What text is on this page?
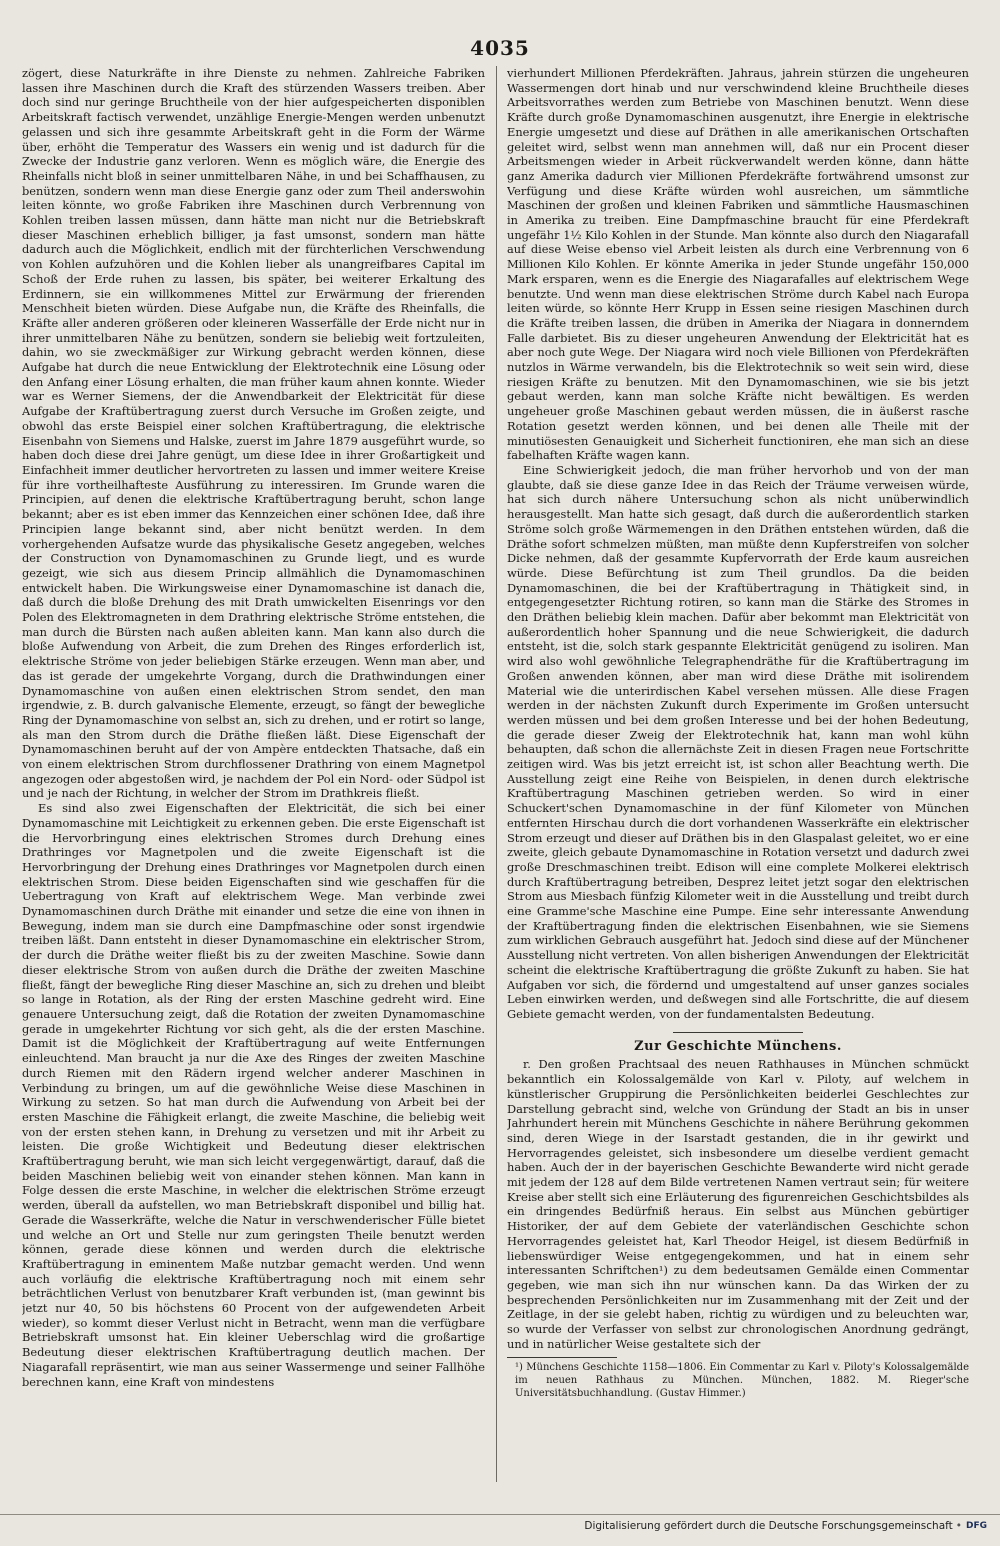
4035

zögert, diese Naturkräfte in ihre Dienste zu nehmen. Zahlreiche Fabriken lassen ihre Maschinen durch die Kraft des stürzenden Wassers treiben. Aber doch sind nur geringe Bruchtheile von der hier aufgespeicherten disponiblen Arbeitskraft factisch verwendet, unzählige Energie-Mengen werden unbenutzt gelassen und sich ihre gesammte Arbeitskraft geht in die Form der Wärme über, erhöht die Temperatur des Wassers ein wenig und ist dadurch für die Zwecke der Industrie ganz verloren. Wenn es möglich wäre, die Energie des Rheinfalls nicht bloß in seiner unmittelbaren Nähe, in und bei Schaffhausen, zu benützen, sondern wenn man diese Energie ganz oder zum Theil anderswohin leiten könnte, wo große Fabriken ihre Maschinen durch Verbrennung von Kohlen treiben lassen müssen, dann hätte man nicht nur die Betriebskraft dieser Maschinen erheblich billiger, ja fast umsonst, sondern man hätte dadurch auch die Möglichkeit, endlich mit der fürchterlichen Verschwendung von Kohlen aufzuhören und die Kohlen lieber als unangreifbares Capital im Schoß der Erde ruhen zu lassen, bis später, bei weiterer Erkaltung des Erdinnern, sie ein willkommenes Mittel zur Erwärmung der frierenden Menschheit bieten würden. Diese Aufgabe nun, die Kräfte des Rheinfalls, die Kräfte aller anderen größeren oder kleineren Wasserfälle der Erde nicht nur in ihrer unmittelbaren Nähe zu benützen, sondern sie beliebig weit fortzuleiten, dahin, wo sie zweckmäßiger zur Wirkung gebracht werden können, diese Aufgabe hat durch die neue Entwicklung der Elektrotechnik eine Lösung oder den Anfang einer Lösung erhalten, die man früher kaum ahnen konnte. Wieder war es Werner Siemens, der die Anwendbarkeit der Elektricität für diese Aufgabe der Kraftübertragung zuerst durch Versuche im Großen zeigte, und obwohl das erste Beispiel einer solchen Kraftübertragung, die elektrische Eisenbahn von Siemens und Halske, zuerst im Jahre 1879 ausgeführt wurde, so haben doch diese drei Jahre genügt, um diese Idee in ihrer Großartigkeit und Einfachheit immer deutlicher hervortreten zu lassen und immer weitere Kreise für ihre vortheilhafteste Ausführung zu interessiren. Im Grunde waren die Principien, auf denen die elektrische Kraftübertragung beruht, schon lange bekannt; aber es ist eben immer das Kennzeichen einer schönen Idee, daß ihre Principien lange bekannt sind, aber nicht benützt werden. In dem vorhergehenden Aufsatze wurde das physikalische Gesetz angegeben, welches der Construction von Dynamomaschinen zu Grunde liegt, und es wurde gezeigt, wie sich aus diesem Princip allmählich die Dynamomaschinen entwickelt haben. Die Wirkungsweise einer Dynamomaschine ist danach die, daß durch die bloße Drehung des mit Drath umwickelten Eisenrings vor den Polen des Elektromagneten in dem Drathring elektrische Ströme entstehen, die man durch die Bürsten nach außen ableiten kann. Man kann also durch die bloße Aufwendung von Arbeit, die zum Drehen des Ringes erforderlich ist, elektrische Ströme von jeder beliebigen Stärke erzeugen. Wenn man aber, und das ist gerade der umgekehrte Vorgang, durch die Drathwindungen einer Dynamomaschine von außen einen elektrischen Strom sendet, den man irgendwie, z. B. durch galvanische Elemente, erzeugt, so fängt der bewegliche Ring der Dynamomaschine von selbst an, sich zu drehen, und er rotirt so lange, als man den Strom durch die Dräthe fließen läßt. Diese Eigenschaft der Dynamomaschinen beruht auf der von Ampère entdeckten Thatsache, daß ein von einem elektrischen Strom durchflossener Drathring von einem Magnetpol angezogen oder abgestoßen wird, je nachdem der Pol ein Nord- oder Südpol ist und je nach der Richtung, in welcher der Strom im Drathkreis fließt.

Es sind also zwei Eigenschaften der Elektricität, die sich bei einer Dynamomaschine mit Leichtigkeit zu erkennen geben. Die erste Eigenschaft ist die Hervorbringung eines elektrischen Stromes durch Drehung eines Drathringes vor Magnetpolen und die zweite Eigenschaft ist die Hervorbringung der Drehung eines Drathringes vor Magnetpolen durch einen elektrischen Strom. Diese beiden Eigenschaften sind wie geschaffen für die Uebertragung von Kraft auf elektrischem Wege. Man verbinde zwei Dynamomaschinen durch Dräthe mit einander und setze die eine von ihnen in Bewegung, indem man sie durch eine Dampfmaschine oder sonst irgendwie treiben läßt. Dann entsteht in dieser Dynamomaschine ein elektrischer Strom, der durch die Dräthe weiter fließt bis zu der zweiten Maschine. Sowie dann dieser elektrische Strom von außen durch die Dräthe der zweiten Maschine fließt, fängt der bewegliche Ring dieser Maschine an, sich zu drehen und bleibt so lange in Rotation, als der Ring der ersten Maschine gedreht wird. Eine genauere Untersuchung zeigt, daß die Rotation der zweiten Dynamomaschine gerade in umgekehrter Richtung vor sich geht, als die der ersten Maschine. Damit ist die Möglichkeit der Kraftübertragung auf weite Entfernungen einleuchtend. Man braucht ja nur die Axe des Ringes der zweiten Maschine durch Riemen mit den Rädern irgend welcher anderer Maschinen in Verbindung zu bringen, um auf die gewöhnliche Weise diese Maschinen in Wirkung zu setzen. So hat man durch die Aufwendung von Arbeit bei der ersten Maschine die Fähigkeit erlangt, die zweite Maschine, die beliebig weit von der ersten stehen kann, in Drehung zu versetzen und mit ihr Arbeit zu leisten. Die große Wichtigkeit und Bedeutung dieser elektrischen Kraftübertragung beruht, wie man sich leicht vergegenwärtigt, darauf, daß die beiden Maschinen beliebig weit von einander stehen können. Man kann in Folge dessen die erste Maschine, in welcher die elektrischen Ströme erzeugt werden, überall da aufstellen, wo man Betriebskraft disponibel und billig hat. Gerade die Wasserkräfte, welche die Natur in verschwenderischer Fülle bietet und welche an Ort und Stelle nur zum geringsten Theile benutzt werden können, gerade diese können und werden durch die elektrische Kraftübertragung in eminentem Maße nutzbar gemacht werden. Und wenn auch vorläufig die elektrische Kraftübertragung noch mit einem sehr beträchtlichen Verlust von benutzbarer Kraft verbunden ist, (man gewinnt bis jetzt nur 40, 50 bis höchstens 60 Procent von der aufgewendeten Arbeit wieder), so kommt dieser Verlust nicht in Betracht, wenn man die verfügbare Betriebskraft umsonst hat. Ein kleiner Ueberschlag wird die großartige Bedeutung dieser elektrischen Kraftübertragung deutlich machen. Der Niagarafall repräsentirt, wie man aus seiner Wassermenge und seiner Fallhöhe berechnen kann, eine Kraft von mindestens

vierhundert Millionen Pferdekräften. Jahraus, jahrein stürzen die ungeheuren Wassermengen dort hinab und nur verschwindend kleine Bruchtheile dieses Arbeitsvorrathes werden zum Betriebe von Maschinen benutzt. Wenn diese Kräfte durch große Dynamomaschinen ausgenutzt, ihre Energie in elektrische Energie umgesetzt und diese auf Dräthen in alle amerikanischen Ortschaften geleitet wird, selbst wenn man annehmen will, daß nur ein Procent dieser Arbeitsmengen wieder in Arbeit rückverwandelt werden könne, dann hätte ganz Amerika dadurch vier Millionen Pferdekräfte fortwährend umsonst zur Verfügung und diese Kräfte würden wohl ausreichen, um sämmtliche Maschinen der großen und kleinen Fabriken und sämmtliche Hausmaschinen in Amerika zu treiben. Eine Dampfmaschine braucht für eine Pferdekraft ungefähr 1½ Kilo Kohlen in der Stunde. Man könnte also durch den Niagarafall auf diese Weise ebenso viel Arbeit leisten als durch eine Verbrennung von 6 Millionen Kilo Kohlen. Er könnte Amerika in jeder Stunde ungefähr 150,000 Mark ersparen, wenn es die Energie des Niagarafalles auf elektrischem Wege benutzte. Und wenn man diese elektrischen Ströme durch Kabel nach Europa leiten würde, so könnte Herr Krupp in Essen seine riesigen Maschinen durch die Kräfte treiben lassen, die drüben in Amerika der Niagara in donnerndem Falle darbietet. Bis zu dieser ungeheuren Anwendung der Elektricität hat es aber noch gute Wege. Der Niagara wird noch viele Billionen von Pferdekräften nutzlos in Wärme verwandeln, bis die Elektrotechnik so weit sein wird, diese riesigen Kräfte zu benutzen. Mit den Dynamomaschinen, wie sie bis jetzt gebaut werden, kann man solche Kräfte nicht bewältigen. Es werden ungeheuer große Maschinen gebaut werden müssen, die in äußerst rasche Rotation gesetzt werden können, und bei denen alle Theile mit der minutiösesten Genauigkeit und Sicherheit functioniren, ehe man sich an diese fabelhaften Kräfte wagen kann.

Eine Schwierigkeit jedoch, die man früher hervorhob und von der man glaubte, daß sie diese ganze Idee in das Reich der Träume verweisen würde, hat sich durch nähere Untersuchung schon als nicht unüberwindlich herausgestellt. Man hatte sich gesagt, daß durch die außerordentlich starken Ströme solch große Wärmemengen in den Dräthen entstehen würden, daß die Dräthe sofort schmelzen müßten, man müßte denn Kupferstreifen von solcher Dicke nehmen, daß der gesammte Kupfervorrath der Erde kaum ausreichen würde. Diese Befürchtung ist zum Theil grundlos. Da die beiden Dynamomaschinen, die bei der Kraftübertragung in Thätigkeit sind, in entgegengesetzter Richtung rotiren, so kann man die Stärke des Stromes in den Dräthen beliebig klein machen. Dafür aber bekommt man Elektricität von außerordentlich hoher Spannung und die neue Schwierigkeit, die dadurch entsteht, ist die, solch stark gespannte Elektricität genügend zu isoliren. Man wird also wohl gewöhnliche Telegraphendräthe für die Kraftübertragung im Großen anwenden können, aber man wird diese Dräthe mit isolirendem Material wie die unterirdischen Kabel versehen müssen. Alle diese Fragen werden in der nächsten Zukunft durch Experimente im Großen untersucht werden müssen und bei dem großen Interesse und bei der hohen Bedeutung, die gerade dieser Zweig der Elektrotechnik hat, kann man wohl kühn behaupten, daß schon die allernächste Zeit in diesen Fragen neue Fortschritte zeitigen wird. Was bis jetzt erreicht ist, ist schon aller Beachtung werth. Die Ausstellung zeigt eine Reihe von Beispielen, in denen durch elektrische Kraftübertragung Maschinen getrieben werden. So wird in einer Schuckert'schen Dynamomaschine in der fünf Kilometer von München entfernten Hirschau durch die dort vorhandenen Wasserkräfte ein elektrischer Strom erzeugt und dieser auf Dräthen bis in den Glaspalast geleitet, wo er eine zweite, gleich gebaute Dynamomaschine in Rotation versetzt und dadurch zwei große Dreschmaschinen treibt. Edison will eine complete Molkerei elektrisch durch Kraftübertragung betreiben, Desprez leitet jetzt sogar den elektrischen Strom aus Miesbach fünfzig Kilometer weit in die Ausstellung und treibt durch eine Gramme'sche Maschine eine Pumpe. Eine sehr interessante Anwendung der Kraftübertragung finden die elektrischen Eisenbahnen, wie sie Siemens zum wirklichen Gebrauch ausgeführt hat. Jedoch sind diese auf der Münchener Ausstellung nicht vertreten. Von allen bisherigen Anwendungen der Elektricität scheint die elektrische Kraftübertragung die größte Zukunft zu haben. Sie hat Aufgaben vor sich, die fördernd und umgestaltend auf unser ganzes sociales Leben einwirken werden, und deßwegen sind alle Fortschritte, die auf diesem Gebiete gemacht werden, von der fundamentalsten Bedeutung.

Zur Geschichte Münchens.

r. Den großen Prachtsaal des neuen Rathhauses in München schmückt bekanntlich ein Kolossalgemälde von Karl v. Piloty, auf welchem in künstlerischer Gruppirung die Persönlichkeiten beiderlei Geschlechtes zur Darstellung gebracht sind, welche von Gründung der Stadt an bis in unser Jahrhundert herein mit Münchens Geschichte in nähere Berührung gekommen sind, deren Wiege in der Isarstadt gestanden, die in ihr gewirkt und Hervorragendes geleistet, sich insbesondere um dieselbe verdient gemacht haben. Auch der in der bayerischen Geschichte Bewanderte wird nicht gerade mit jedem der 128 auf dem Bilde vertretenen Namen vertraut sein; für weitere Kreise aber stellt sich eine Erläuterung des figurenreichen Geschichtsbildes als ein dringendes Bedürfniß heraus. Ein selbst aus München gebürtiger Historiker, der auf dem Gebiete der vaterländischen Geschichte schon Hervorragendes geleistet hat, Karl Theodor Heigel, ist diesem Bedürfniß in liebenswürdiger Weise entgegengekommen, und hat in einem sehr interessanten Schriftchen¹) zu dem bedeutsamen Gemälde einen Commentar gegeben, wie man sich ihn nur wünschen kann. Da das Wirken der zu besprechenden Persönlichkeiten nur im Zusammenhang mit der Zeit und der Zeitlage, in der sie gelebt haben, richtig zu würdigen und zu beleuchten war, so wurde der Verfasser von selbst zur chronologischen Anordnung gedrängt, und in natürlicher Weise gestaltete sich der

¹) Münchens Geschichte 1158—1806. Ein Commentar zu Karl v. Piloty's Kolossalgemälde im neuen Rathhaus zu München. München, 1882. M. Rieger'sche Universitätsbuchhandlung. (Gustav Himmer.)

Digitalisierung gefördert durch die Deutsche Forschungsgemeinschaft • DFG
